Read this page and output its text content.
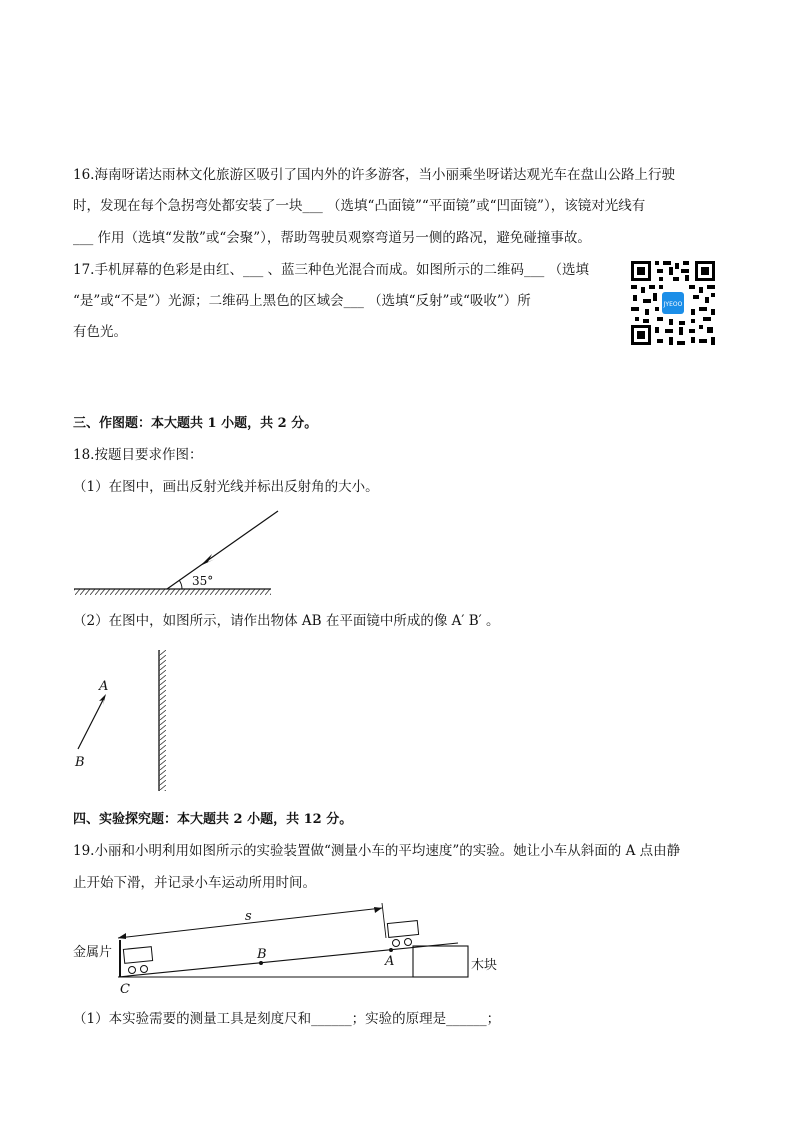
16.海南呀诺达雨林文化旅游区吸引了国内外的许多游客，当小丽乘坐呀诺达观光车在盘山公路上行驶
时，发现在每个急拐弯处都安装了一块___ （选填“凸面镜”“平面镜”或“凹面镜”），该镜对光线有
___ 作用（选填“发散”或“会聚”），帮助驾驶员观察弯道另一侧的路况，避免碰撞事故。
17.手机屏幕的色彩是由红、___ 、蓝三种色光混合而成。如图所示的二维码___ （选填
“是”或“不是”）光源；二维码上黑色的区域会___ （选填“反射”或“吸收”）所
有色光。
JYEOO
三、作图题：本大题共 1 小题，共 2 分。
18.按题目要求作图：
（1）在图中，画出反射光线并标出反射角的大小。
35°
（2）在图中，如图所示，请作出物体 AB 在平面镜中所成的像 A′ B′ 。
A
B
四、实验探究题：本大题共 2 小题，共 12 分。
19.小丽和小明利用如图所示的实验装置做“测量小车的平均速度”的实验。她让小车从斜面的 A 点由静
止开始下滑，并记录小车运动所用时间。
s
金属片
木块
B	A
C
（1）本实验需要的测量工具是刻度尺和______；实验的原理是______；
